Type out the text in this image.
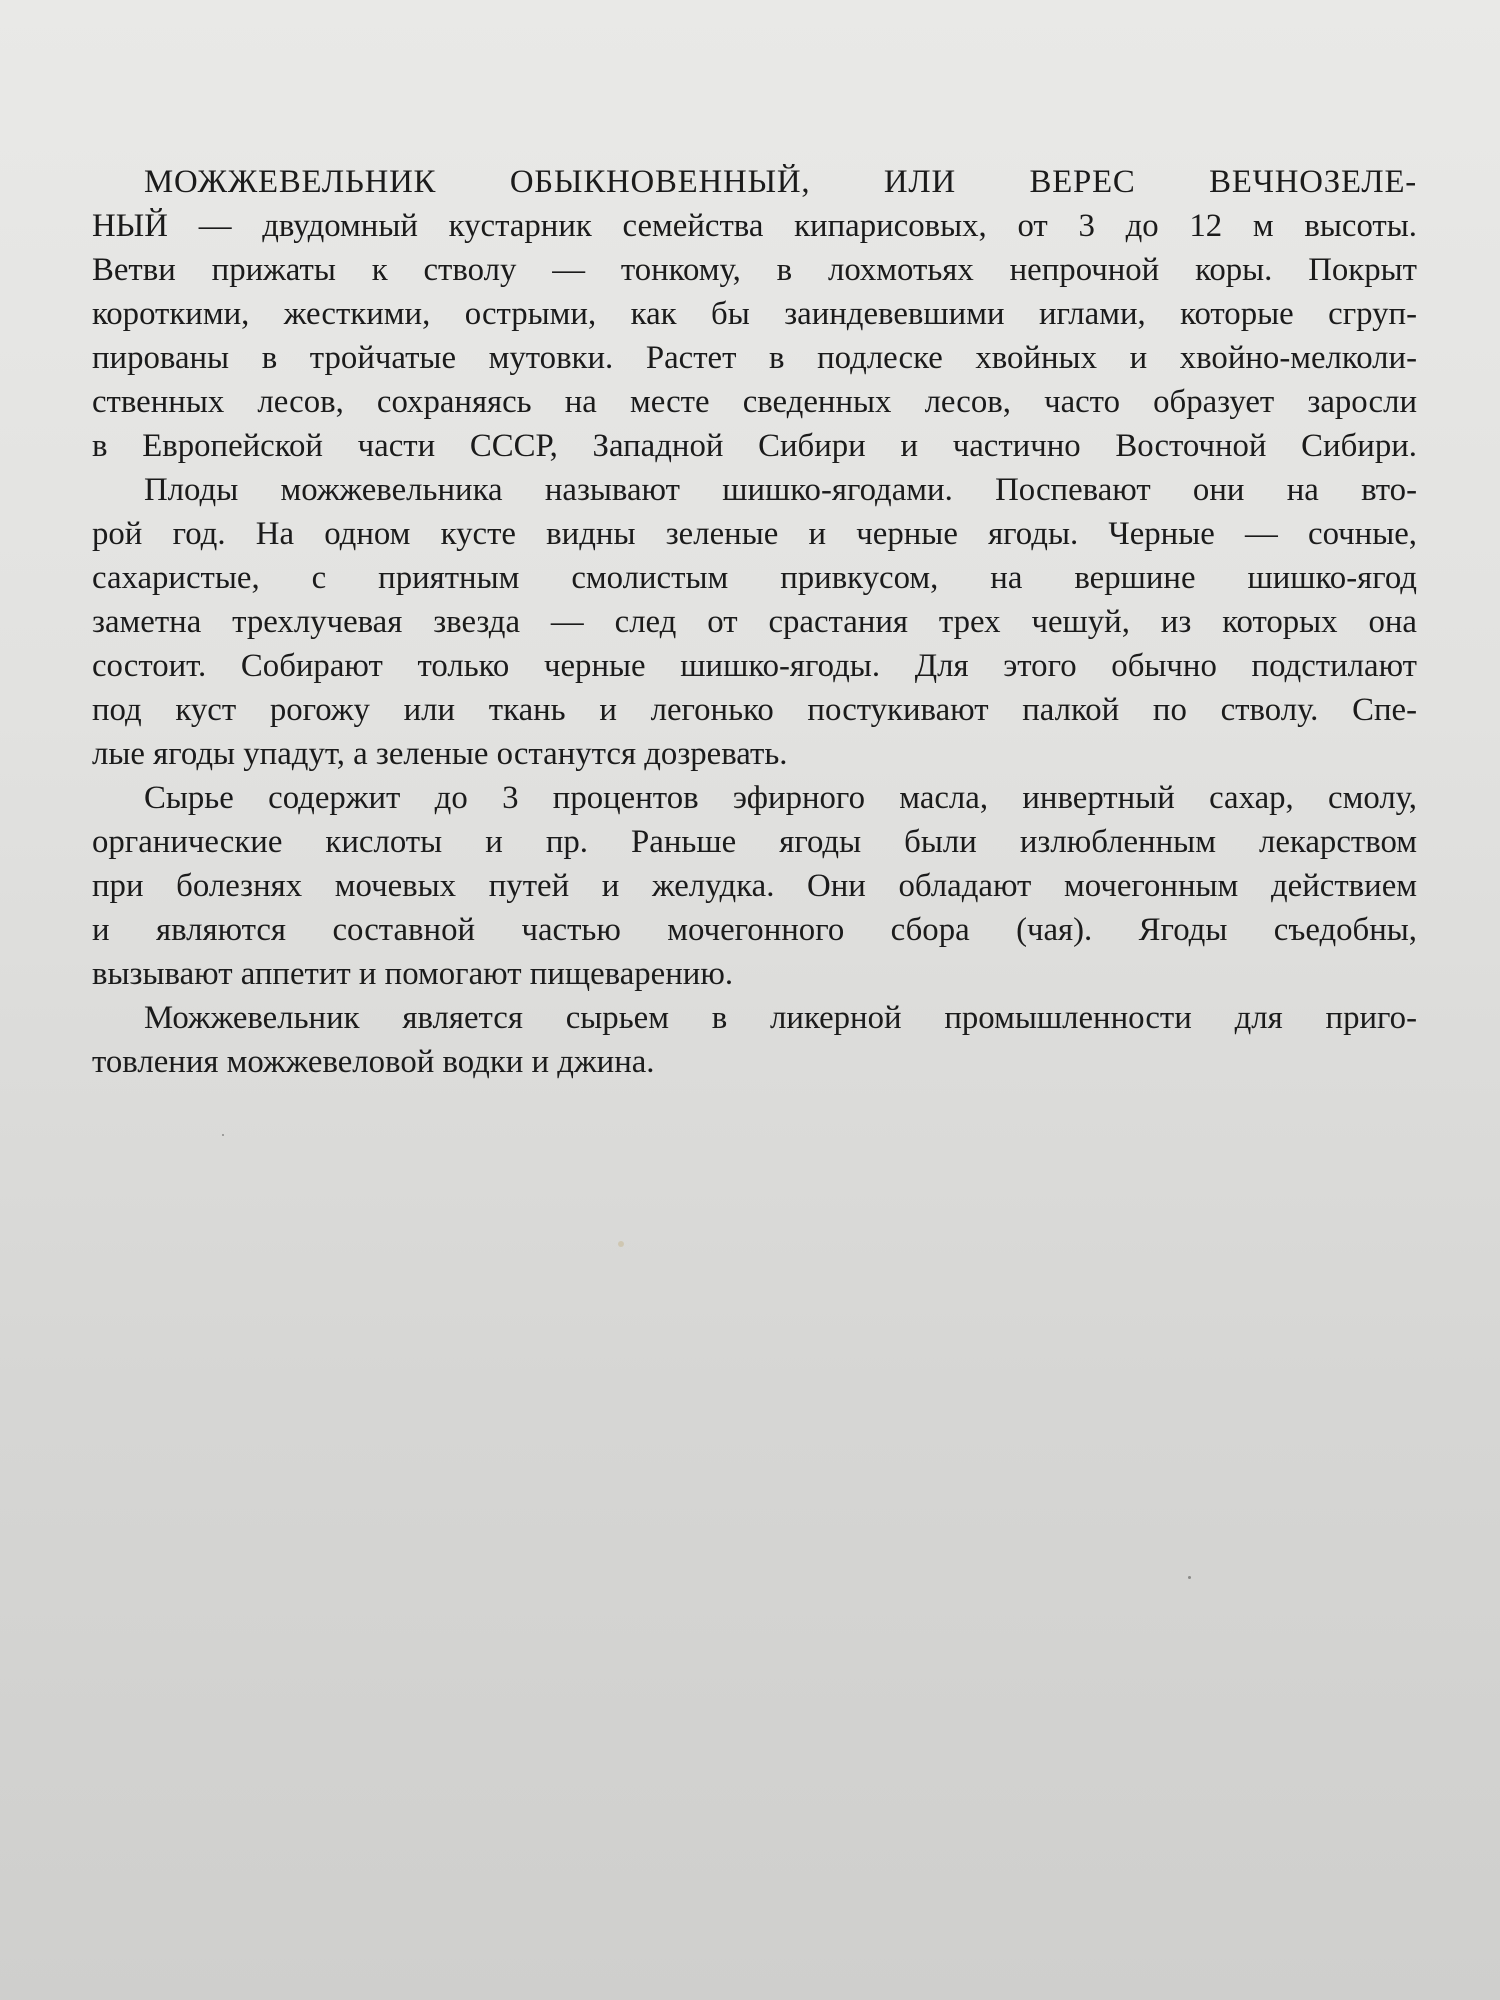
МОЖЖЕВЕЛЬНИК ОБЫКНОВЕННЫЙ, ИЛИ ВЕРЕС ВЕЧНОЗЕЛЕ-
НЫЙ — двудомный кустарник семейства кипарисовых, от 3 до 12 м высоты.
Ветви прижаты к стволу — тонкому, в лохмотьях непрочной коры. Покрыт
короткими, жесткими, острыми, как бы заиндевевшими иглами, которые сгруп-
пированы в тройчатые мутовки. Растет в подлеске хвойных и хвойно-мелколи-
ственных лесов, сохраняясь на месте сведенных лесов, часто образует заросли
в Европейской части СССР, Западной Сибири и частично Восточной Сибири.
Плоды можжевельника называют шишко-ягодами. Поспевают они на вто-
рой год. На одном кусте видны зеленые и черные ягоды. Черные — сочные,
сахаристые, с приятным смолистым привкусом, на вершине шишко-ягод
заметна трехлучевая звезда — след от срастания трех чешуй, из которых она
состоит. Собирают только черные шишко-ягоды. Для этого обычно подстилают
под куст рогожу или ткань и легонько постукивают палкой по стволу. Спе-
лые ягоды упадут, а зеленые останутся дозревать.
Сырье содержит до 3 процентов эфирного масла, инвертный сахар, смолу,
органические кислоты и пр. Раньше ягоды были излюбленным лекарством
при болезнях мочевых путей и желудка. Они обладают мочегонным действием
и являются составной частью мочегонного сбора (чая). Ягоды съедобны,
вызывают аппетит и помогают пищеварению.
Можжевельник является сырьем в ликерной промышленности для приго-
товления можжевеловой водки и джина.
